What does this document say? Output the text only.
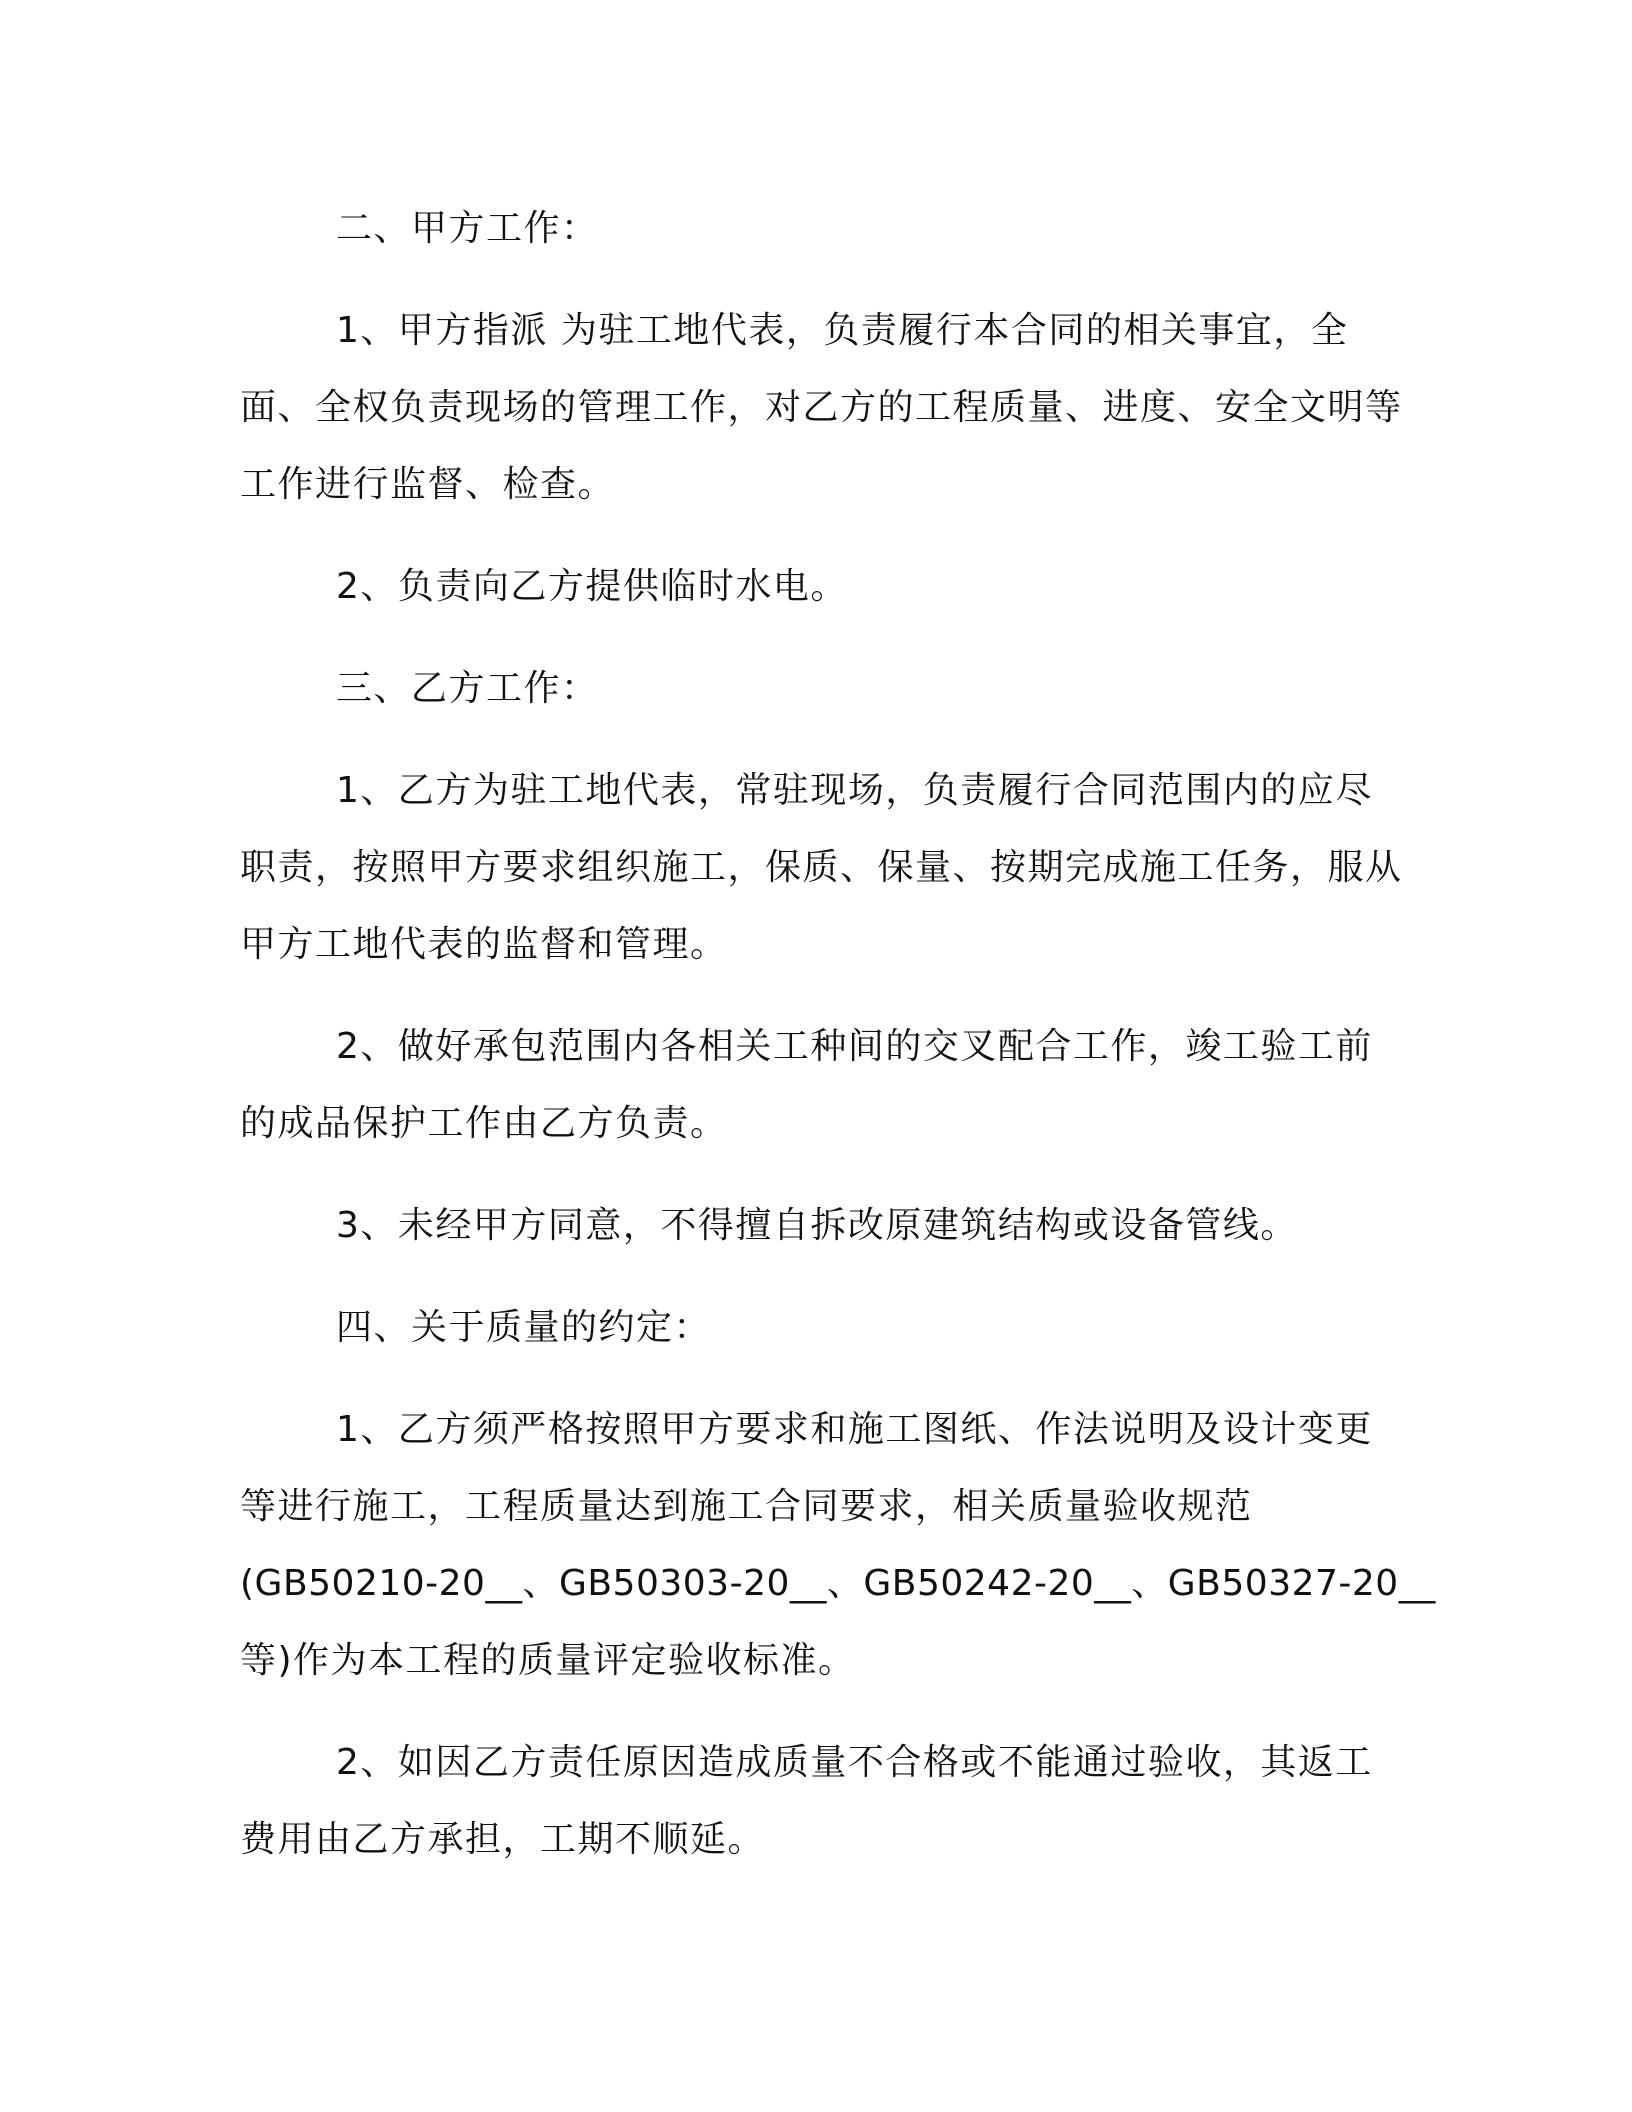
二、甲方工作：

1、甲方指派 为驻工地代表，负责履行本合同的相关事宜，全面、全权负责现场的管理工作，对乙方的工程质量、进度、安全文明等工作进行监督、检查。

2、负责向乙方提供临时水电。

三、乙方工作：

1、乙方为驻工地代表，常驻现场，负责履行合同范围内的应尽职责，按照甲方要求组织施工，保质、保量、按期完成施工任务，服从甲方工地代表的监督和管理。

2、做好承包范围内各相关工种间的交叉配合工作，竣工验工前的成品保护工作由乙方负责。

3、未经甲方同意，不得擅自拆改原建筑结构或设备管线。

四、关于质量的约定：

1、乙方须严格按照甲方要求和施工图纸、作法说明及设计变更等进行施工，工程质量达到施工合同要求，相关质量验收规范

(GB50210-20__、GB50303-20__、GB50242-20__、GB50327-20__

等)作为本工程的质量评定验收标准。

2、如因乙方责任原因造成质量不合格或不能通过验收，其返工费用由乙方承担，工期不顺延。
